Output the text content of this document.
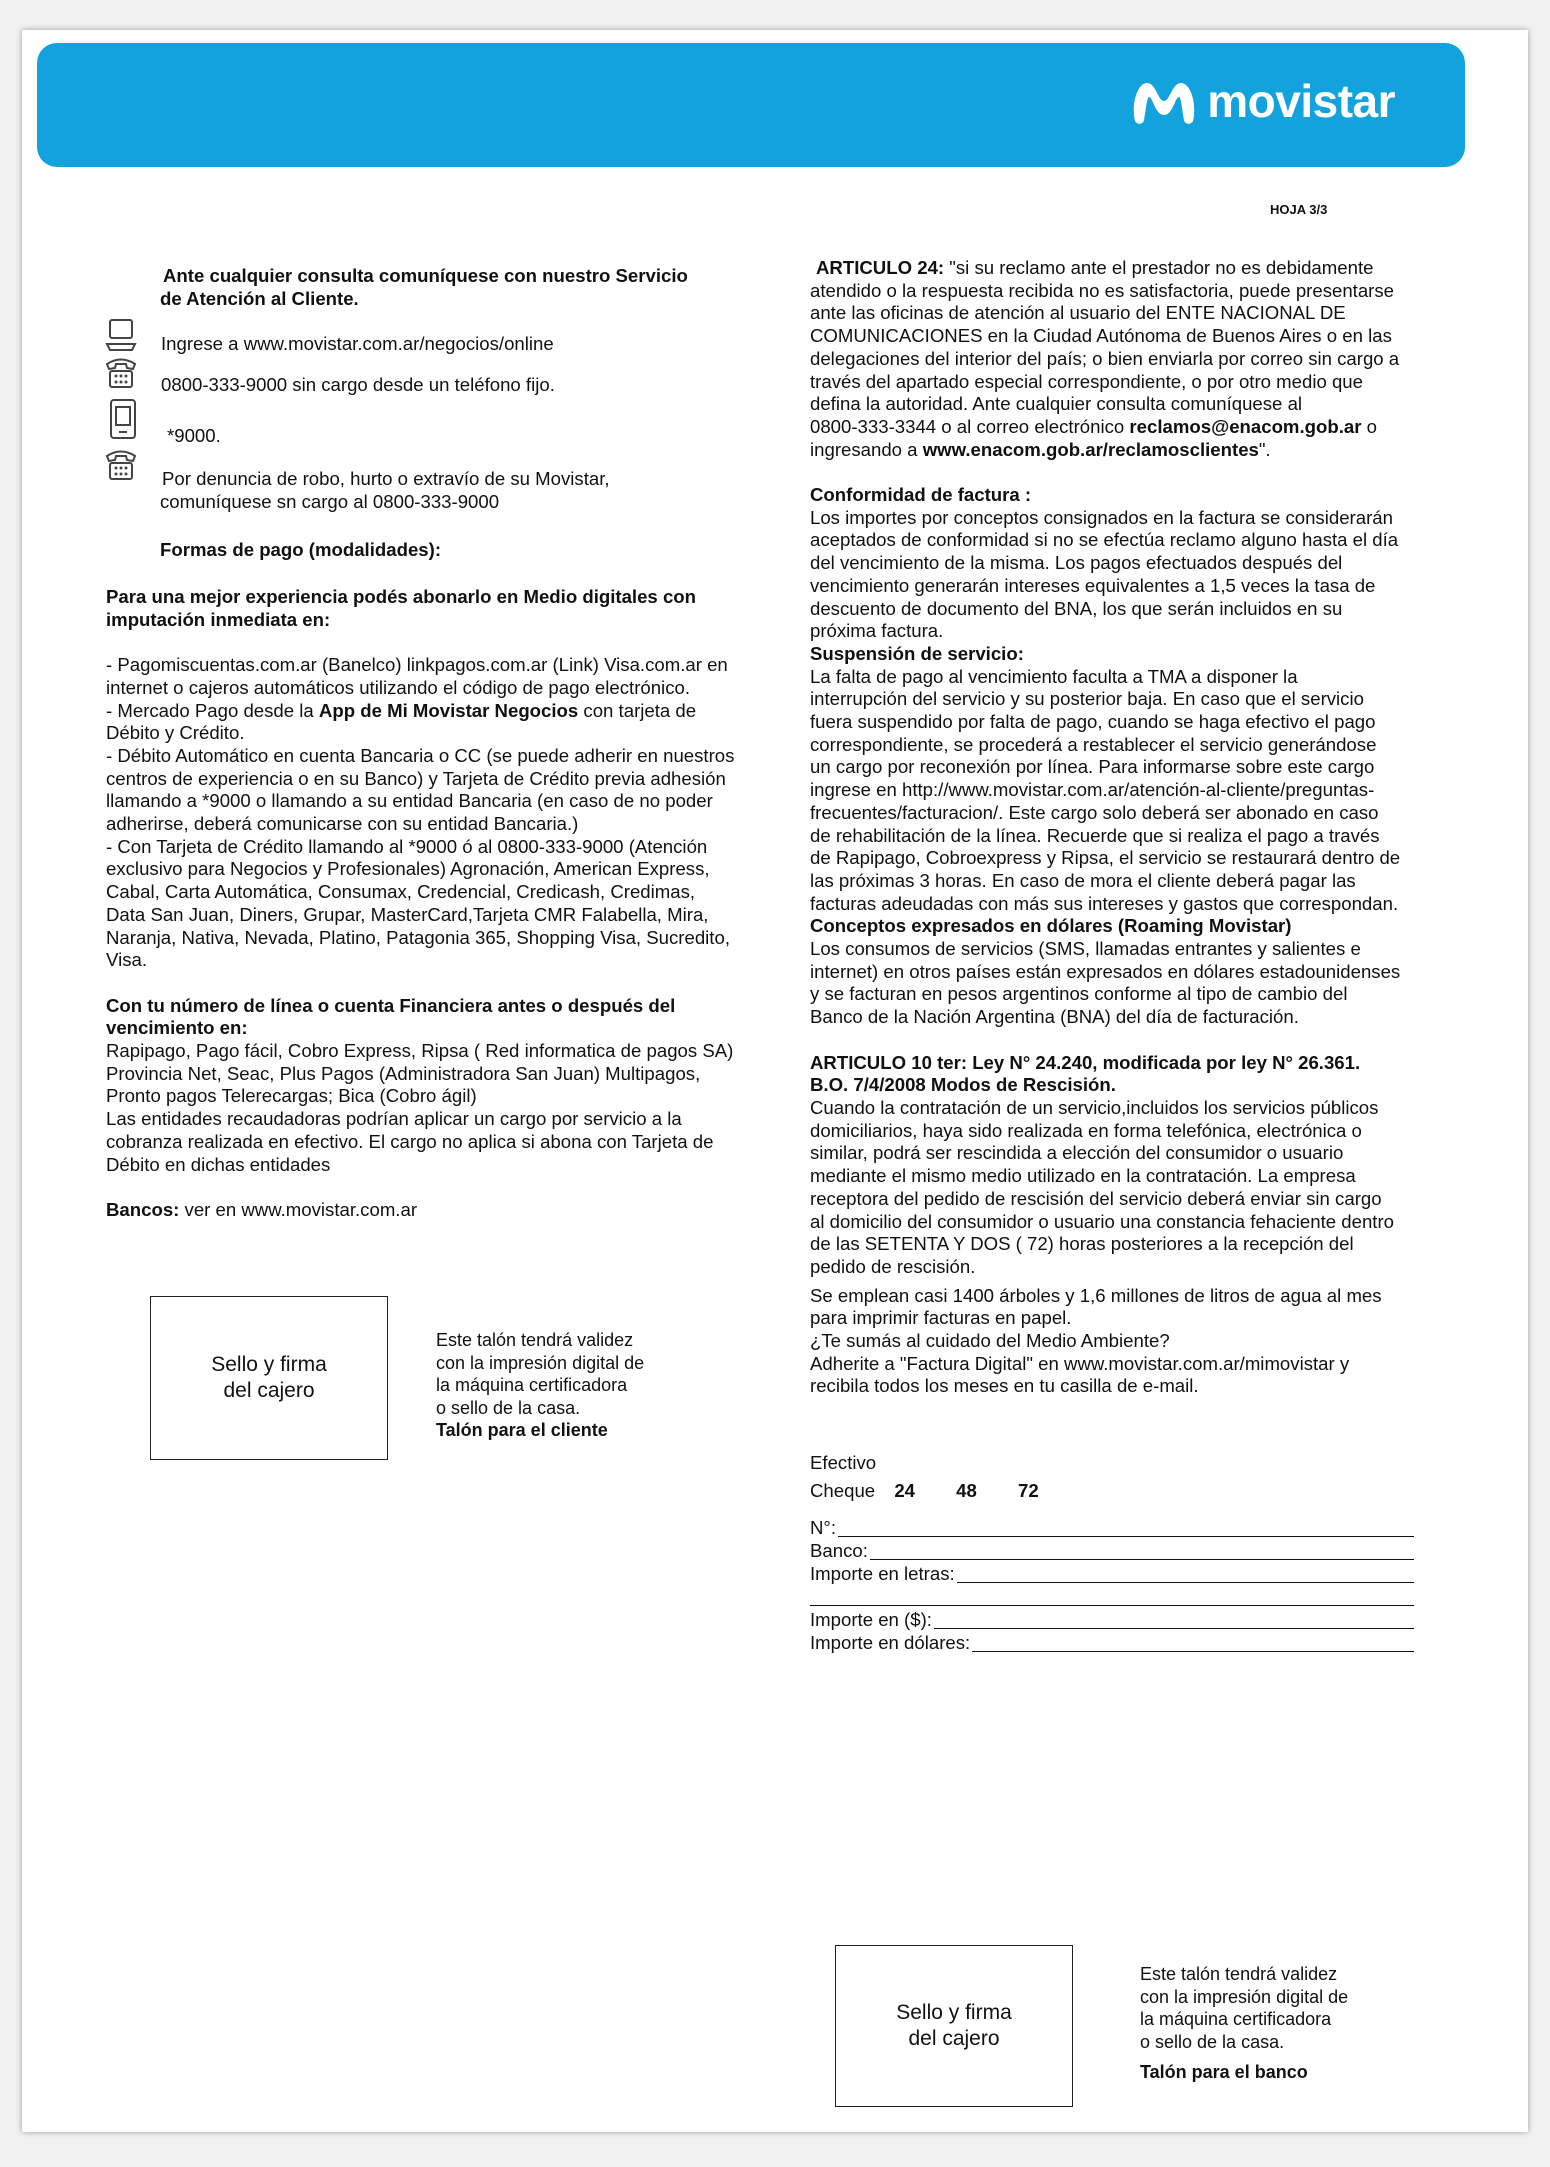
movistar
HOJA 3/3

Ante cualquier consulta comuníquese con nuestro Servicio

de Atención al Cliente.

Ingrese a www.movistar.com.ar/negocios/online
0800-333-9000 sin cargo desde un teléfono fijo.
*9000.

Por denuncia de robo, hurto o extravío de su Movistar,

comuníquese sn cargo al 0800-333-9000

Formas de pago (modalidades):

Para una mejor experiencia podés abonarlo en Medio digitales con

imputación inmediata en:

- Pagomiscuentas.com.ar (Banelco) linkpagos.com.ar (Link) Visa.com.ar en

internet o cajeros automáticos utilizando el código de pago electrónico.

- Mercado Pago desde la App de Mi Movistar Negocios con tarjeta de

Débito y Crédito.

- Débito Automático en cuenta Bancaria o CC (se puede adherir en nuestros

centros de experiencia o en su Banco) y Tarjeta de Crédito previa adhesión

llamando a *9000 o llamando a su entidad Bancaria (en caso de no poder

adherirse, deberá comunicarse con su entidad Bancaria.)

- Con Tarjeta de Crédito llamando al *9000 ó al 0800-333-9000 (Atención

exclusivo para Negocios y Profesionales) Agronación, American Express,

Cabal, Carta Automática, Consumax, Credencial, Credicash, Credimas,

Data San Juan, Diners, Grupar, MasterCard,Tarjeta CMR Falabella, Mira,

Naranja, Nativa, Nevada, Platino, Patagonia 365, Shopping Visa, Sucredito,

Visa.

Con tu número de línea o cuenta Financiera antes o después del

vencimiento en:

Rapipago, Pago fácil, Cobro Express, Ripsa ( Red informatica de pagos SA)

Provincia Net, Seac, Plus Pagos (Administradora San Juan) Multipagos,

Pronto pagos Telerecargas; Bica (Cobro ágil)

Las entidades recaudadoras podrían aplicar un cargo por servicio a la

cobranza realizada en efectivo. El cargo no aplica si abona con Tarjeta de

Débito en dichas entidades

Bancos: ver en www.movistar.com.ar

Sello y firma
del cajero
Este talón tendrá validez
con la impresión digital de
la máquina certificadora
o sello de la casa.
Talón para el cliente

ARTICULO 24: "si su reclamo ante el prestador no es debidamente

atendido o la respuesta recibida no es satisfactoria, puede presentarse

ante las oficinas de atención al usuario del ENTE NACIONAL DE

COMUNICACIONES en la Ciudad Autónoma de Buenos Aires o en las

delegaciones del interior del país; o bien enviarla por correo sin cargo a

través del apartado especial correspondiente, o por otro medio que

defina la autoridad. Ante cualquier consulta comuníquese al

0800-333-3344 o al correo electrónico reclamos@enacom.gob.ar o

ingresando a www.enacom.gob.ar/reclamosclientes".

Conformidad de factura :

Los importes por conceptos consignados en la factura se considerarán

aceptados de conformidad si no se efectúa reclamo alguno hasta el día

del vencimiento de la misma. Los pagos efectuados después del

vencimiento generarán intereses equivalentes a 1,5 veces la tasa de

descuento de documento del BNA, los que serán incluidos en su

próxima factura.

Suspensión de servicio:

La falta de pago al vencimiento faculta a TMA a disponer la

interrupción del servicio y su posterior baja. En caso que el servicio

fuera suspendido por falta de pago, cuando se haga efectivo el pago

correspondiente, se procederá a restablecer el servicio generándose

un cargo por reconexión por línea. Para informarse sobre este cargo

ingrese en http://www.movistar.com.ar/atención-al-cliente/preguntas-

frecuentes/facturacion/. Este cargo solo deberá ser abonado en caso

de rehabilitación de la línea. Recuerde que si realiza el pago a través

de Rapipago, Cobroexpress y Ripsa, el servicio se restaurará dentro de

las próximas 3 horas. En caso de mora el cliente deberá pagar las

facturas adeudadas con más sus intereses y gastos que correspondan.

Conceptos expresados en dólares (Roaming Movistar)

Los consumos de servicios (SMS, llamadas entrantes y salientes e

internet) en otros países están expresados en dólares estadounidenses

y se facturan en pesos argentinos conforme al tipo de cambio del

Banco de la Nación Argentina (BNA) del día de facturación.

ARTICULO 10 ter: Ley N° 24.240, modificada por ley N° 26.361.

B.O. 7/4/2008 Modos de Rescisión.

Cuando la contratación de un servicio,incluidos los servicios públicos

domiciliarios, haya sido realizada en forma telefónica, electrónica o

similar, podrá ser rescindida a elección del consumidor o usuario

mediante el mismo medio utilizado en la contratación. La empresa

receptora del pedido de rescisión del servicio deberá enviar sin cargo

al domicilio del consumidor o usuario una constancia fehaciente dentro

de las SETENTA Y DOS ( 72) horas posteriores a la recepción del

pedido de rescisión.

Se emplean casi 1400 árboles y 1,6 millones de litros de agua al mes

para imprimir facturas en papel.

¿Te sumás al cuidado del Medio Ambiente?

Adherite a "Factura Digital" en www.movistar.com.ar/mimovistar y

recibila todos los meses en tu casilla de e-mail.

Efectivo
Cheque 24 48 72
N°:
Banco:
Importe en letras:
Importe en ($):
Importe en dólares:
Sello y firma
del cajero
Este talón tendrá validez
con la impresión digital de
la máquina certificadora
o sello de la casa.
Talón para el banco
